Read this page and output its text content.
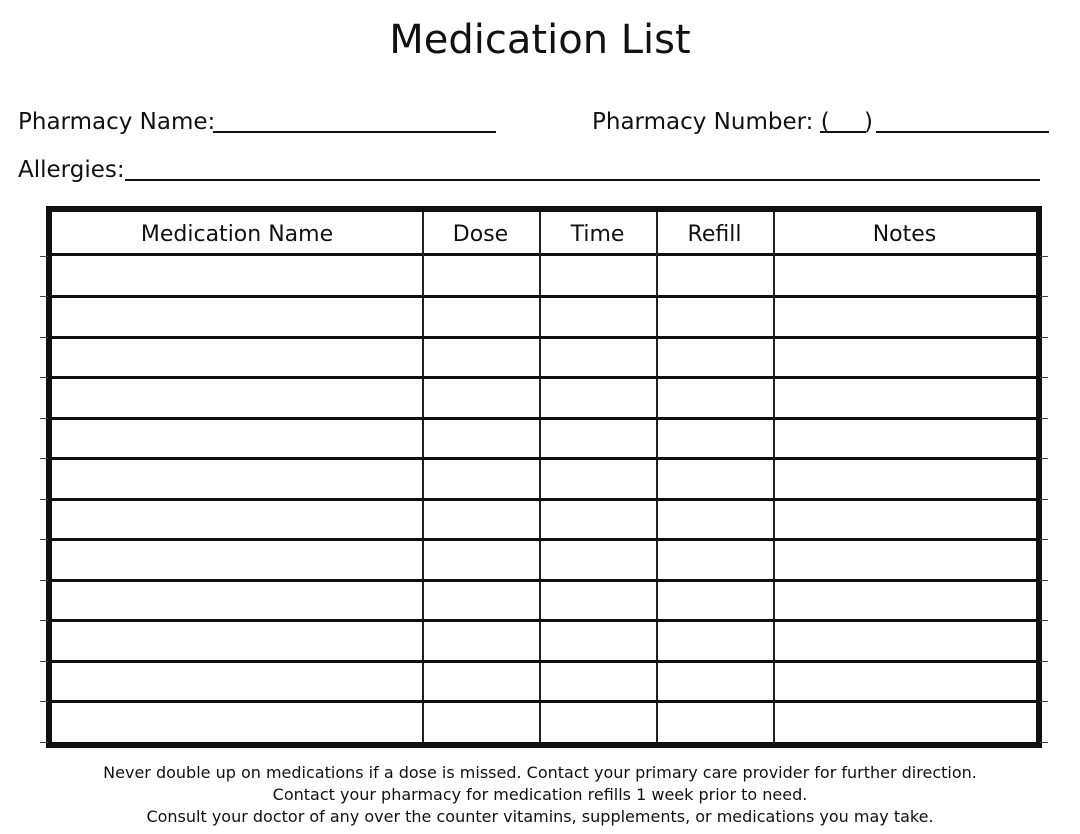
Medication List
Pharmacy Name:	Pharmacy Number: ( )
Allergies:
Medication Name	Dose	Time	Refill	Notes
Never double up on medications if a dose is missed. Contact your primary care provider for further direction.
Contact your pharmacy for medication refills 1 week prior to need.
Consult your doctor of any over the counter vitamins, supplements, or medications you may take.
